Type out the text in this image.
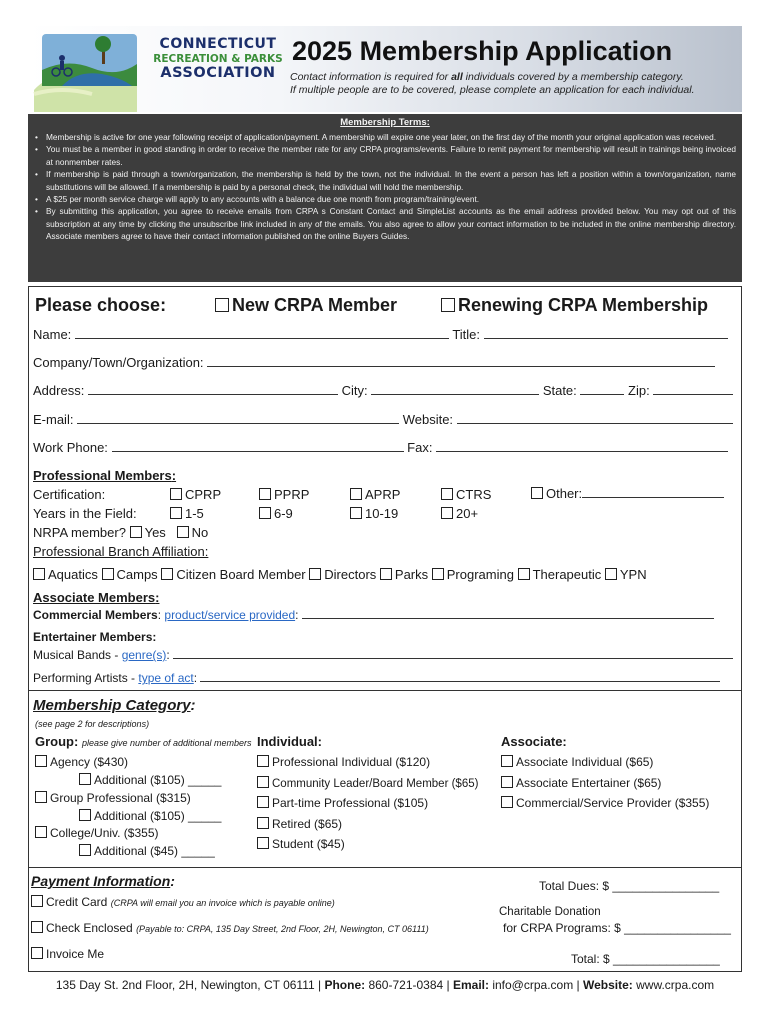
CONNECTICUT
RECREATION & PARKS
ASSOCIATION
2025 Membership Application
Contact information is required for all individuals covered by a membership category.
If multiple people are to be covered, please complete an application for each individual.
Membership Terms:
• Membership is active for one year following receipt of application/payment. A membership will expire one year later, on the first day of the month your original application was received.
• You must be a member in good standing in order to receive the member rate for any CRPA programs/events. Failure to remit payment for membership will result in trainings being invoiced at nonmember rates.
• If membership is paid through a town/organization, the membership is held by the town, not the individual. In the event a person has left a position within a town/organization, name substitutions will be allowed. If a membership is paid by a personal check, the individual will hold the membership.
• A $25 per month service charge will apply to any accounts with a balance due one month from program/training/event.
• By submitting this application, you agree to receive emails from CRPA s Constant Contact and SimpleList accounts as the email address provided below. You may opt out of this subscription at any time by clicking the unsubscribe link included in any of the emails. You also agree to allow your contact information to be included in the online membership directory. Associate members agree to have their contact information published on the online Buyers Guides.
Please choose:	New CRPA Member	Renewing CRPA Membership
Name:	Title:
Company/Town/Organization:
Address:	City:	State:	Zip:
E-mail:	Website:
Work Phone:	Fax:
Professional Members:
Certification:	CPRP	PPRP	APRP	CTRS	Other:
Years in the Field:	1-5	6-9	10-19	20+
NRPA member? Yes No
Professional Branch Affiliation:
Aquatics Camps Citizen Board Member Directors Parks Programing Therapeutic YPN
Associate Members:
Commercial Members: product/service provided:
Entertainer Members:
Musical Bands - genre(s):
Performing Artists - type of act:
Membership Category:
(see page 2 for descriptions)
Group: please give number of additional members
Agency ($430)
Additional ($105) _____
Group Professional ($315)
Additional ($105) _____
College/Univ. ($355)
Additional ($45) _____
Individual:
Professional Individual ($120)
Community Leader/Board Member ($65)
Part-time Professional ($105)
Retired ($65)
Student ($45)
Associate:
Associate Individual ($65)
Associate Entertainer ($65)
Commercial/Service Provider ($355)
Payment Information:
Credit Card (CRPA will email you an invoice which is payable online)
Check Enclosed (Payable to: CRPA, 135 Day Street, 2nd Floor, 2H, Newington, CT 06111)
Invoice Me
Total Dues: $ ________________
Charitable Donation
for CRPA Programs: $ ________________
Total: $ ________________
135 Day St. 2nd Floor, 2H, Newington, CT 06111 | Phone: 860-721-0384 | Email: info@crpa.com | Website: www.crpa.com
